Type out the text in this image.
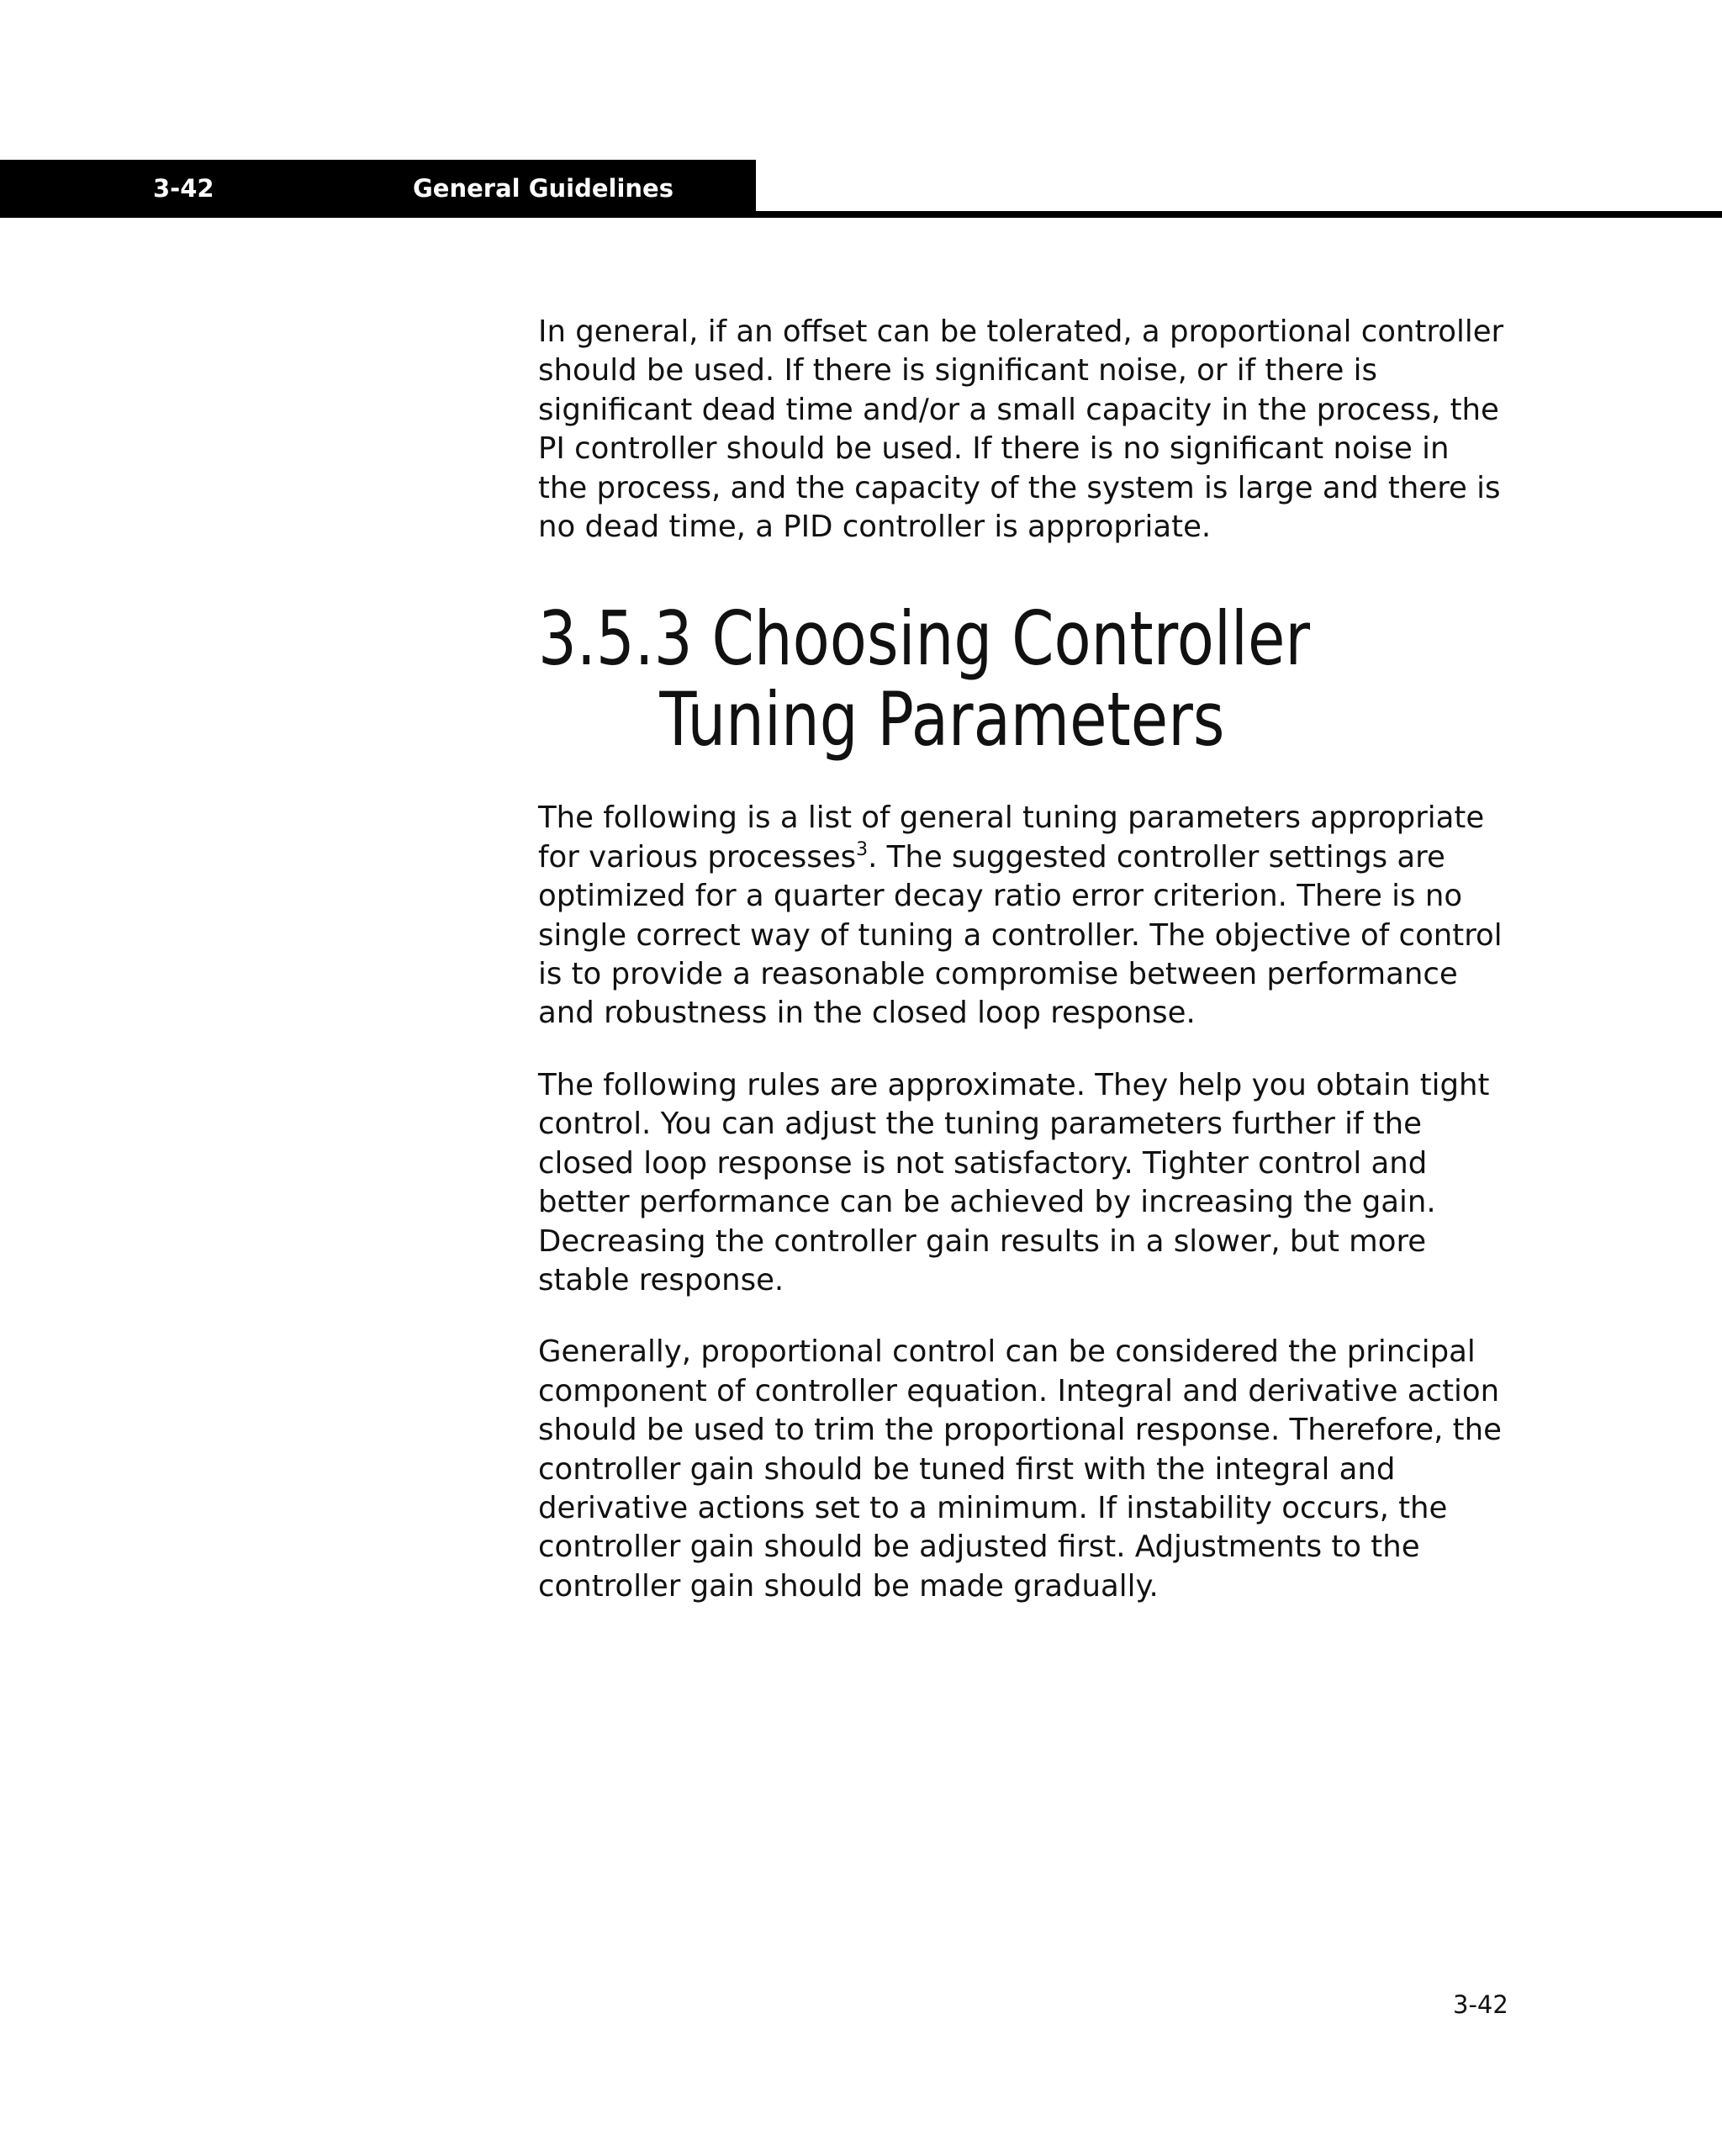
3-42	General Guidelines

In general, if an offset can be tolerated, a proportional controller
should be used. If there is significant noise, or if there is
significant dead time and/or a small capacity in the process, the
PI controller should be used. If there is no significant noise in
the process, and the capacity of the system is large and there is
no dead time, a PID controller is appropriate.

3.5.3 Choosing Controller
Tuning Parameters

The following is a list of general tuning parameters appropriate
for various processes$^3$. The suggested controller settings are
optimized for a quarter decay ratio error criterion. There is no
single correct way of tuning a controller. The objective of control
is to provide a reasonable compromise between performance
and robustness in the closed loop response.

The following rules are approximate. They help you obtain tight
control. You can adjust the tuning parameters further if the
closed loop response is not satisfactory. Tighter control and
better performance can be achieved by increasing the gain.
Decreasing the controller gain results in a slower, but more
stable response.

Generally, proportional control can be considered the principal
component of controller equation. Integral and derivative action
should be used to trim the proportional response. Therefore, the
controller gain should be tuned first with the integral and
derivative actions set to a minimum. If instability occurs, the
controller gain should be adjusted first. Adjustments to the
controller gain should be made gradually.

3-42
